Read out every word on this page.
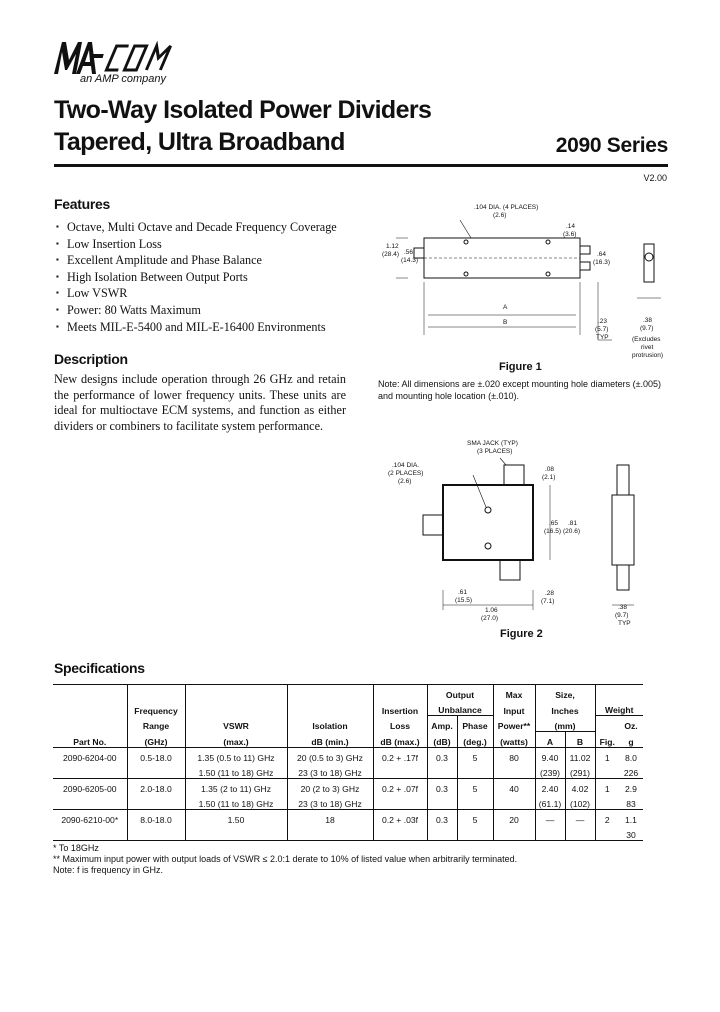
an AMP company
Two-Way Isolated Power Dividers
Tapered, Ultra Broadband	2090 Series
V2.00
Features
▪ Octave, Multi Octave and Decade Frequency Coverage
▪ Low Insertion Loss
▪ Excellent Amplitude and Phase Balance
▪ High Isolation Between Output Ports
▪ Low VSWR
▪ Power: 80 Watts Maximum
▪ Meets MIL-E-5400 and MIL-E-16400 Environments
Description
New designs include operation through 26 GHz and retain the performance of lower frequency units. These units are ideal for multioctave ECM systems, and function as either dividers or combiners to facilitate system performance.
.104 DIA. (4 PLACES)
(2.6)
1.12
(28.4) .56
(14.3)
.14
(3.6)
.64
(16.3)
A
B	.23
(5.7)
TYP
.38
(9.7)
(Excludes
rivet
protrusion)
Figure 1
Note: All dimensions are ±.020 except mounting hole diameters (±.005) and mounting hole location (±.010).
SMA JACK (TYP)
(3 PLACES)
.104 DIA.
(2 PLACES)
(2.6)
.08
(2.1)
.65
(16.5)
.81
(20.6)
.61
(15.5)
1.06
(27.0)
.28
(7.1)
.38
(9.7)
TYP
Figure 2
Specifications
					Output		Max	Size,			
	Frequency			Insertion	Unbalance		Input	Inches		Weight	
	Range	VSWR	Isolation	Loss	Amp.	Phase	Power**	(mm)			Oz.
Part No.	(GHz)	(max.)	dB (min.)	dB (max.)	(dB)	(deg.)	(watts)	A	B	Fig.	g
2090-6204-00	0.5-18.0	1.35 (0.5 to 11) GHz	20 (0.5 to 3) GHz	0.2 + .17f	0.3	5	80	9.40	11.02	1	8.0
		1.50 (11 to 18) GHz	23 (3 to 18) GHz					(239)	(291)		226
2090-6205-00	2.0-18.0	1.35 (2 to 11) GHz	20 (2 to 3) GHz	0.2 + .07f	0.3	5	40	2.40	4.02	1	2.9
		1.50 (11 to 18) GHz	23 (3 to 18) GHz					(61.1)	(102)		83
2090-6210-00*	8.0-18.0	1.50	18	0.2 + .03f	0.3	5	20	—	—	2	1.1
											30
* To 18GHz
** Maximum input power with output loads of VSWR ≤ 2.0:1 derate to 10% of listed value when arbitrarily terminated.
Note: f is frequency in GHz.
